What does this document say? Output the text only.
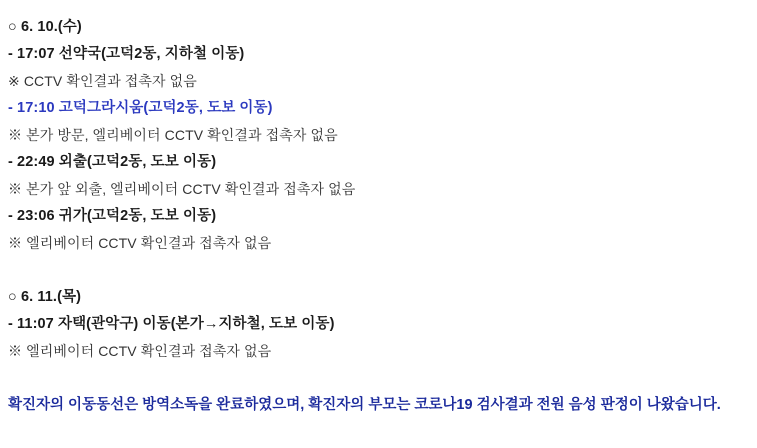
○ 6. 10.(수)
- 17:07 선약국(고덕2동, 지하철 이동)
※ CCTV 확인결과 접촉자 없음
- 17:10 고덕그라시움(고덕2동, 도보 이동)
※ 본가 방문, 엘리베이터 CCTV 확인결과 접촉자 없음
- 22:49 외출(고덕2동, 도보 이동)
※ 본가 앞 외출, 엘리베이터 CCTV 확인결과 접촉자 없음
- 23:06 귀가(고덕2동, 도보 이동)
※ 엘리베이터 CCTV 확인결과 접촉자 없음
○ 6. 11.(목)
- 11:07 자택(관악구) 이동(본가→지하철, 도보 이동)
※ 엘리베이터 CCTV 확인결과 접촉자 없음
확진자의 이동동선은 방역소독을 완료하였으며, 확진자의 부모는 코로나19 검사결과 전원 음성 판정이 나왔습니다.
